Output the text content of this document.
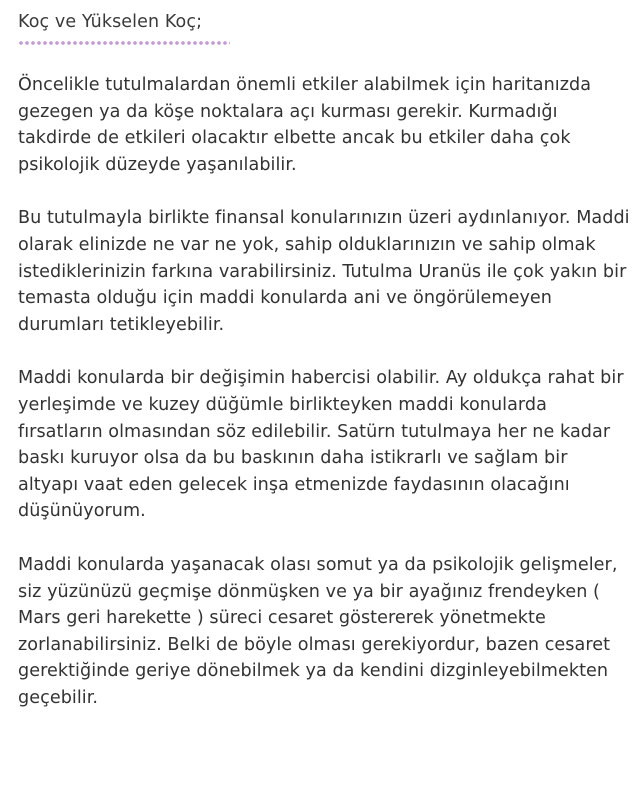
Koç ve Yükselen Koç;

Öncelikle tutulmalardan önemli etkiler alabilmek için haritanızda gezegen ya da köşe noktalara açı kurması gerekir. Kurmadığı takdirde de etkileri olacaktır elbette ancak bu etkiler daha çok psikolojik düzeyde yaşanılabilir.

Bu tutulmayla birlikte finansal konularınızın üzeri aydınlanıyor. Maddi olarak elinizde ne var ne yok, sahip olduklarınızın ve sahip olmak istediklerinizin farkına varabilirsiniz. Tutulma Uranüs ile çok yakın bir temasta olduğu için maddi konularda ani ve öngörülemeyen durumları tetikleyebilir.

Maddi konularda bir değişimin habercisi olabilir. Ay oldukça rahat bir yerleşimde ve kuzey düğümle birlikteyken maddi konularda fırsatların olmasından söz edilebilir. Satürn tutulmaya her ne kadar baskı kuruyor olsa da bu baskının daha istikrarlı ve sağlam bir altyapı vaat eden gelecek inşa etmenizde faydasının olacağını düşünüyorum.

Maddi konularda yaşanacak olası somut ya da psikolojik gelişmeler, siz yüzünüzü geçmişe dönmüşken ve ya bir ayağınız frendeyken ( Mars geri harekette ) süreci cesaret göstererek yönetmekte zorlanabilirsiniz. Belki de böyle olması gerekiyordur, bazen cesaret gerektiğinde geriye dönebilmek ya da kendini dizginleyebilmekten geçebilir.
